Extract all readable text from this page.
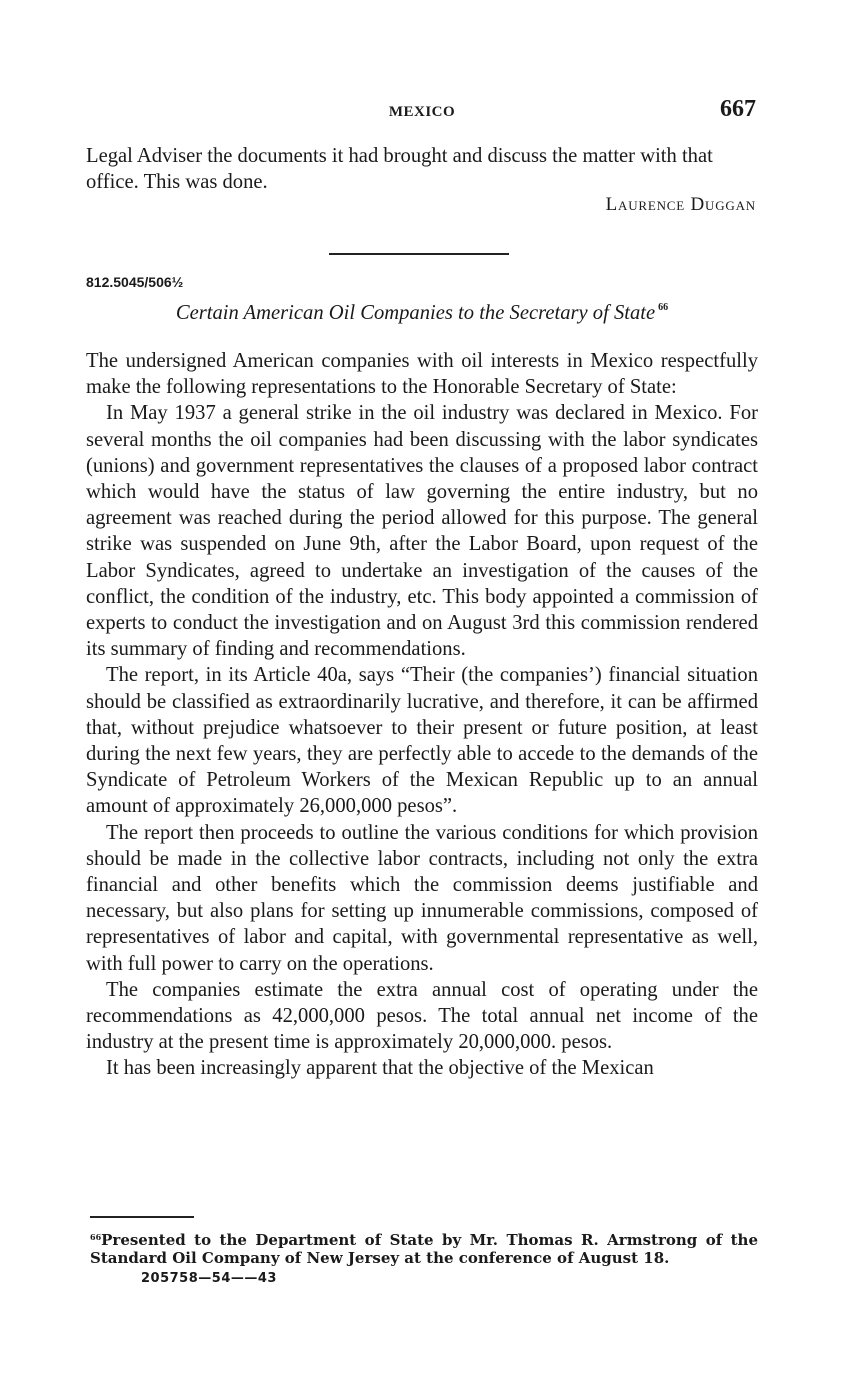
MEXICO	667

Legal Adviser the documents it had brought and discuss the matter with that office. This was done.

Laurence Duggan
812.5045/506½
Certain American Oil Companies to the Secretary of State $^{66}$

The undersigned American companies with oil interests in Mexico respectfully make the following representations to the Honorable Secretary of State:

In May 1937 a general strike in the oil industry was declared in Mexico. For several months the oil companies had been discussing with the labor syndicates (unions) and government representatives the clauses of a proposed labor contract which would have the status of law governing the entire industry, but no agreement was reached during the period allowed for this purpose. The general strike was suspended on June 9th, after the Labor Board, upon request of the Labor Syndicates, agreed to undertake an investigation of the causes of the conflict, the condition of the industry, etc. This body appointed a commission of experts to conduct the investigation and on August 3rd this commission rendered its summary of finding and recommendations.

The report, in its Article 40a, says “Their (the companies’) financial situation should be classified as extraordinarily lucrative, and therefore, it can be affirmed that, without prejudice whatsoever to their present or future position, at least during the next few years, they are perfectly able to accede to the demands of the Syndicate of Petroleum Workers of the Mexican Republic up to an annual amount of approximately 26,000,000 pesos”.

The report then proceeds to outline the various conditions for which provision should be made in the collective labor contracts, including not only the extra financial and other benefits which the commission deems justifiable and necessary, but also plans for setting up innumerable commissions, composed of representatives of labor and capital, with governmental representative as well, with full power to carry on the operations.

The companies estimate the extra annual cost of operating under the recommendations as 42,000,000 pesos. The total annual net income of the industry at the present time is approximately 20,000,000. pesos.

It has been increasingly apparent that the objective of the Mexican

$^{66}$Presented to the Department of State by Mr. Thomas R. Armstrong of the Standard Oil Company of New Jersey at the conference of August 18.
205758—54——43
